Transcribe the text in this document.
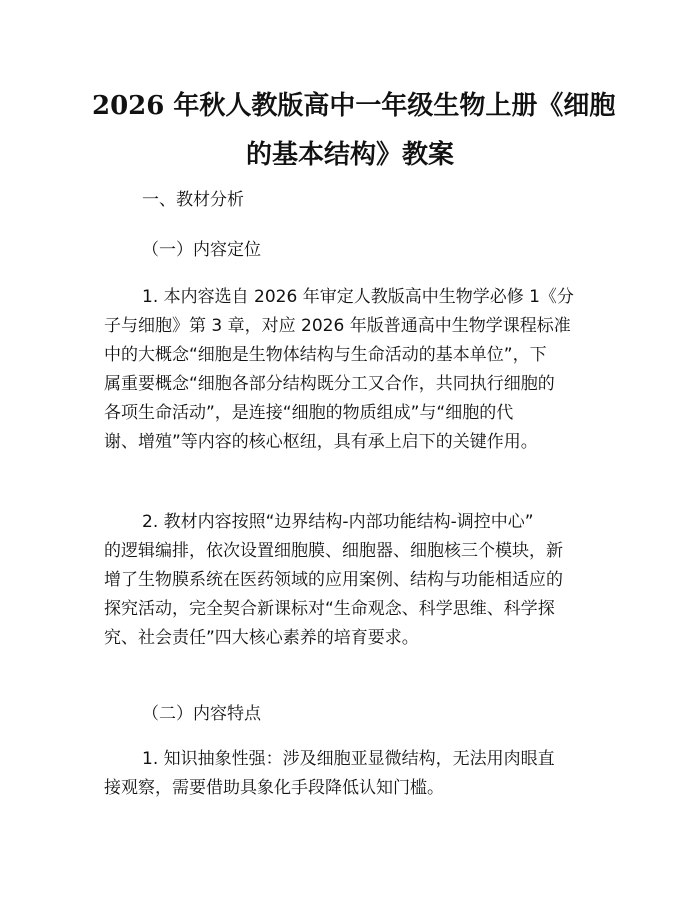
2026 年秋人教版高中一年级生物上册《细胞
的基本结构》教案

一、教材分析

（一）内容定位

1. 本内容选自 2026 年审定人教版高中生物学必修 1《分
子与细胞》第 3 章，对应 2026 年版普通高中生物学课程标准
中的大概念“细胞是生物体结构与生命活动的基本单位”，下
属重要概念“细胞各部分结构既分工又合作，共同执行细胞的
各项生命活动”，是连接“细胞的物质组成”与“细胞的代
谢、增殖”等内容的核心枢纽，具有承上启下的关键作用。
2. 教材内容按照“边界结构-内部功能结构-调控中心”
的逻辑编排，依次设置细胞膜、细胞器、细胞核三个模块，新
增了生物膜系统在医药领域的应用案例、结构与功能相适应的
探究活动，完全契合新课标对“生命观念、科学思维、科学探
究、社会责任”四大核心素养的培育要求。

（二）内容特点

1. 知识抽象性强：涉及细胞亚显微结构，无法用肉眼直
接观察，需要借助具象化手段降低认知门槛。
